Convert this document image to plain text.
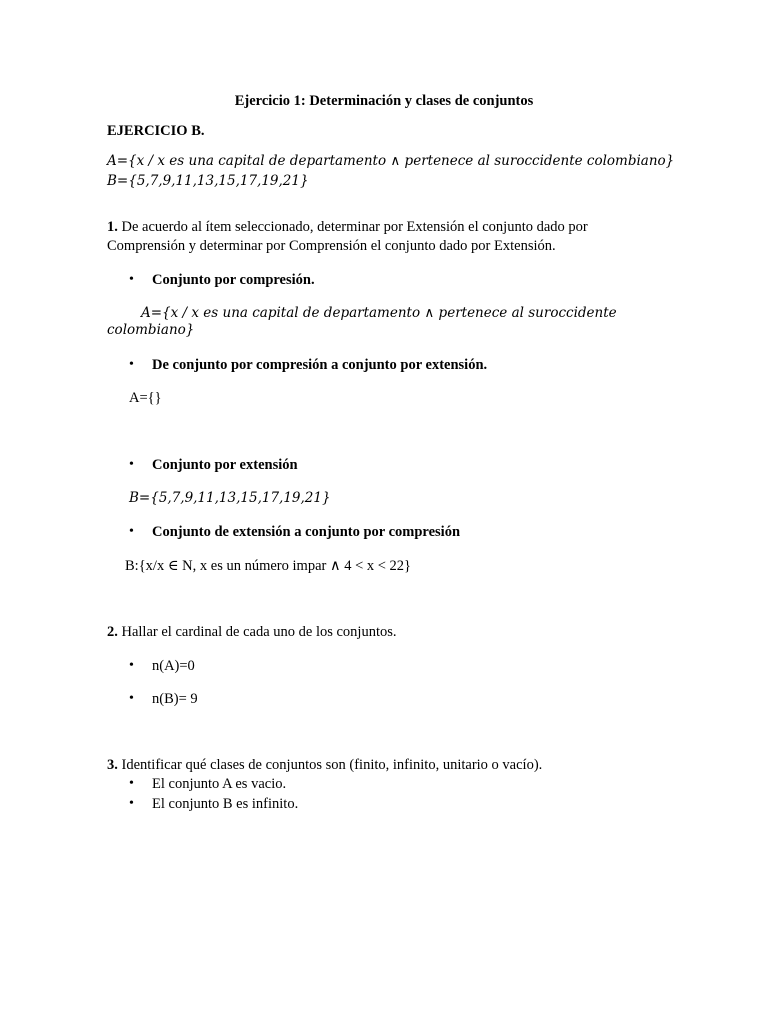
Ejercicio 1: Determinación y clases de conjuntos
EJERCICIO B.
A={x / x es una capital de departamento ∧ pertenece al suroccidente colombiano}
B={5,7,9,11,13,15,17,19,21}
1. De acuerdo al ítem seleccionado, determinar por Extensión el conjunto dado por
Comprensión y determinar por Comprensión el conjunto dado por Extensión.
• Conjunto por compresión.
A={x / x es una capital de departamento ∧ pertenece al suroccidente
colombiano}
• De conjunto por compresión a conjunto por extensión.
A={}
• Conjunto por extensión
B={5,7,9,11,13,15,17,19,21}
• Conjunto de extensión a conjunto por compresión
B:{x/x ∈ N, x es un número impar ∧ 4 < x < 22}
2. Hallar el cardinal de cada uno de los conjuntos.
• n(A)=0
• n(B)= 9
3. Identificar qué clases de conjuntos son (finito, infinito, unitario o vacío).
• El conjunto A es vacio.
• El conjunto B es infinito.
